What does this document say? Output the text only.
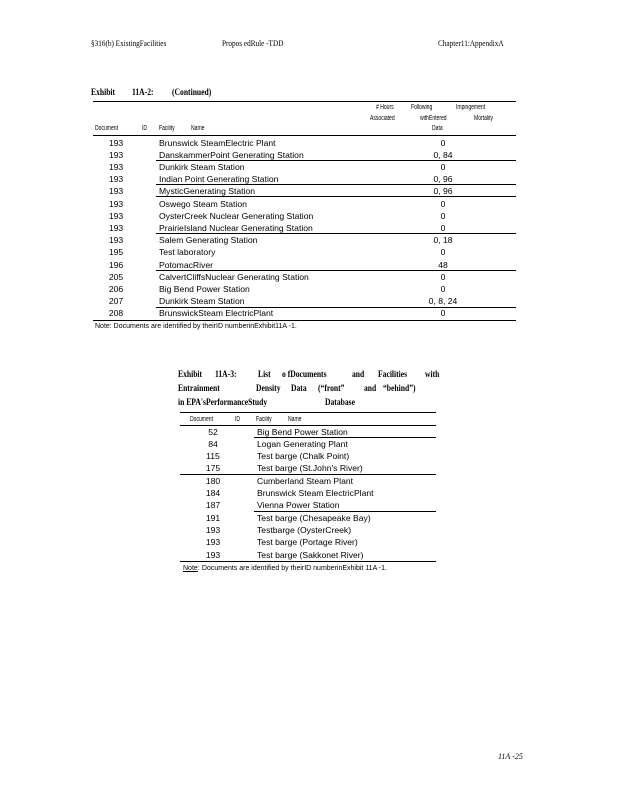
§316(b) ExistingFacilities	Propos edRule -TDD	Chapter11:AppendixA
Exhibit 11A-2: (Continued)
# Hours Following	Impingement
Associated	withEntered	Mortality
Document	ID Facility Name	Data
193	Brunswick SteamElectric Plant	0
193	DanskammerPoint Generating Station	0, 84
193	Dunkirk Steam Station	0
193	Indian Point Generating Station	0, 96
193	MysticGenerating Station	0, 96
193	Oswego Steam Station	0
193	OysterCreek Nuclear Generating Station	0
193	PrairieIsland Nuclear Generating Station	0
193	Salem Generating Station	0, 18
195	Test laboratory	0
196	PotomacRiver	48
205	CalvertCliffsNuclear Generating Station	0
206	Big Bend Power Station	0
207	Dunkirk Steam Station	0, 8, 24
208	BrunswickSteam ElectricPlant	0
Note: Documents are identified by theirID numberinExhibit11A -1.
Exhibit 11A-3: List o fDocuments	and Facilities with
Entrainment	Density Data (“front” and “behind”)
in EPA'sPerformanceStudy	Database
Document	ID Facility Name
52	Big Bend Power Station
84	Logan Generating Plant
115	Test barge (Chalk Point)
175	Test barge (St.John's River)
180	Cumberland Steam Plant
184	Brunswick Steam ElectricPlant
187	Vienna Power Station
191	Test barge (Chesapeake Bay)
193	Testbarge (OysterCreek)
193	Test barge (Portage River)
193	Test barge (Sakkonet River)
Note : Documents are identified by theirID numberinExhibit 11A -1.
11A -25
